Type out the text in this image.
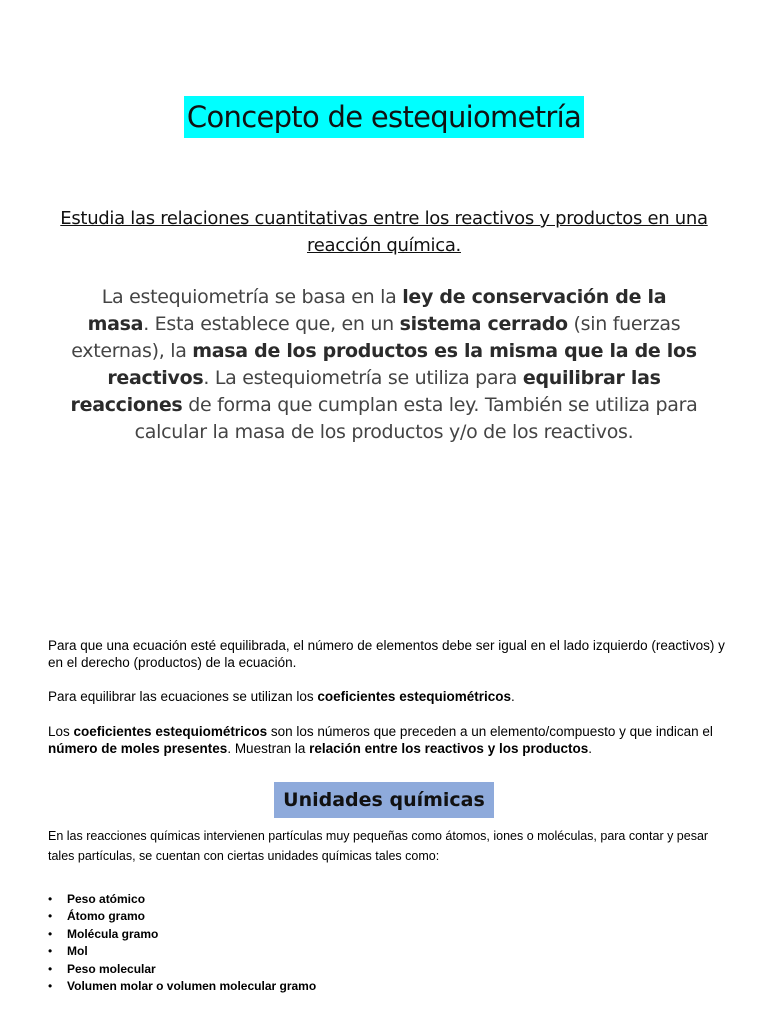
Concepto de estequiometría
Estudia las relaciones cuantitativas entre los reactivos y productos en una reacción química.
La estequiometría se basa en la ley de conservación de la masa. Esta establece que, en un sistema cerrado (sin fuerzas externas), la masa de los productos es la misma que la de los reactivos. La estequiometría se utiliza para equilibrar las reacciones de forma que cumplan esta ley. También se utiliza para calcular la masa de los productos y/o de los reactivos.
Para que una ecuación esté equilibrada, el número de elementos debe ser igual en el lado izquierdo (reactivos) y en el derecho (productos) de la ecuación.
Para equilibrar las ecuaciones se utilizan los coeficientes estequiométricos.
Los coeficientes estequiométricos son los números que preceden a un elemento/compuesto y que indican el número de moles presentes. Muestran la relación entre los reactivos y los productos.
Unidades químicas
En las reacciones químicas intervienen partículas muy pequeñas como átomos, iones o moléculas, para contar y pesar tales partículas, se cuentan con ciertas unidades químicas tales como:
•	Peso atómico
•	Átomo gramo
•	Molécula gramo
•	Mol
•	Peso molecular
•	Volumen molar o volumen molecular gramo
